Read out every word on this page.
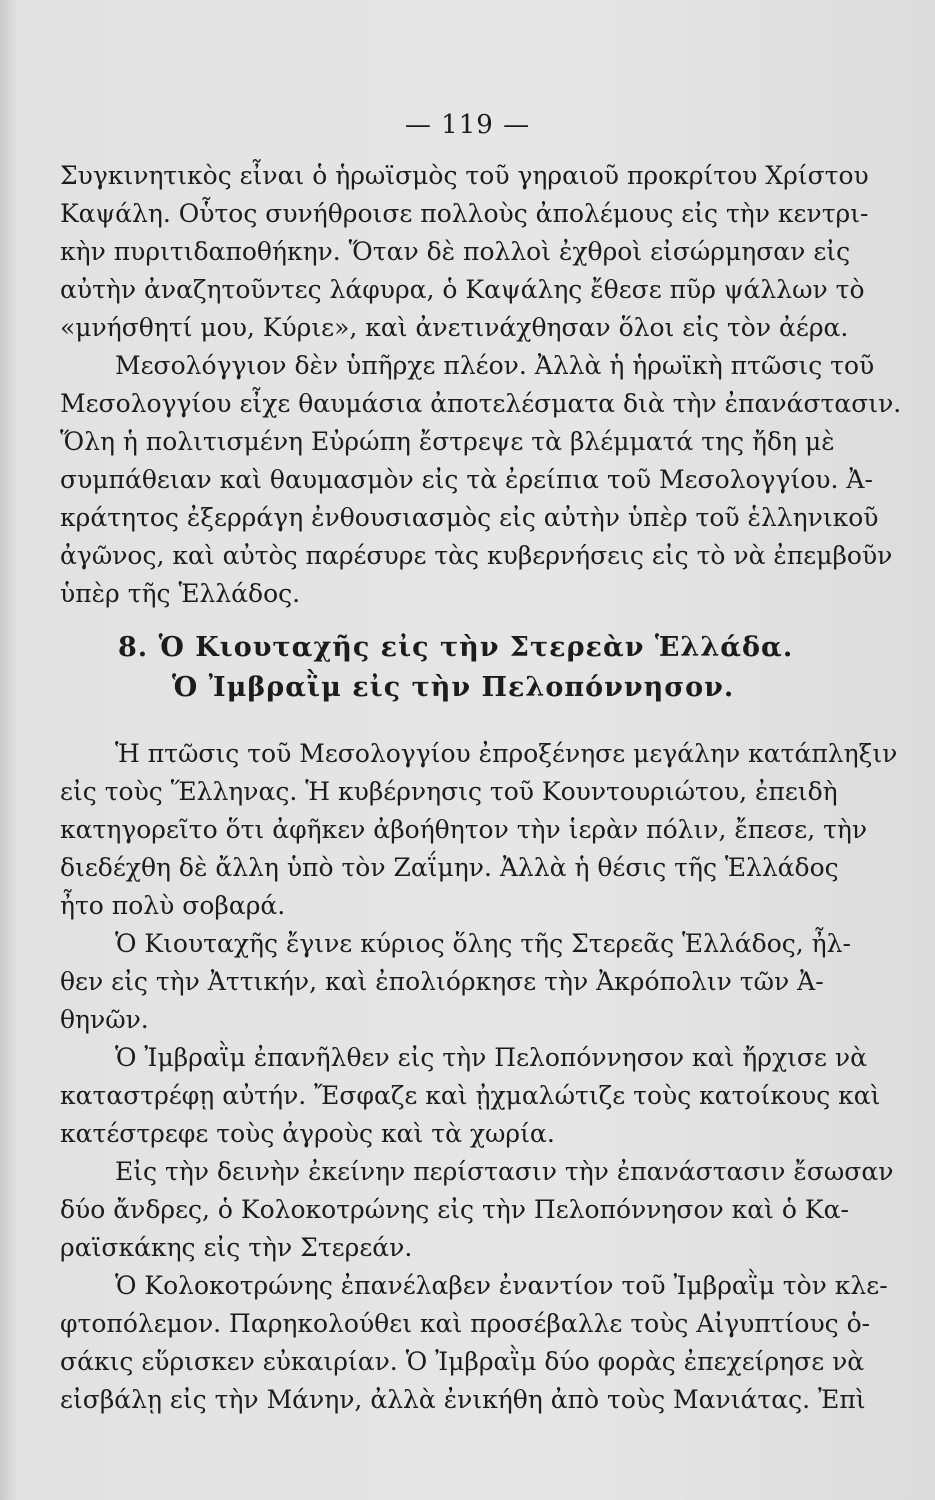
— 119 —
Συγκινητικὸς εἶναι ὁ ἡρωϊσμὸς τοῦ γηραιοῦ προκρίτου Χρίστου
Καψάλη. Οὗτος συνήθροισε πολλοὺς ἀπολέμους εἰς τὴν κεντρι-
κὴν πυριτιδαποθήκην. Ὅταν δὲ πολλοὶ ἐχθροὶ εἰσώρμησαν εἰς
αὐτὴν ἀναζητοῦντες λάφυρα, ὁ Καψάλης ἔθεσε πῦρ ψάλλων τὸ
«μνήσθητί μου, Κύριε», καὶ ἀνετινάχθησαν ὅλοι εἰς τὸν ἀέρα.
Μεσολόγγιον δὲν ὑπῆρχε πλέον. Ἀλλὰ ἡ ἡρωϊκὴ πτῶσις τοῦ
Μεσολογγίου εἶχε θαυμάσια ἀποτελέσματα διὰ τὴν ἐπανάστασιν.
Ὅλη ἡ πολιτισμένη Εὐρώπη ἔστρεψε τὰ βλέμματά της ἤδη μὲ
συμπάθειαν καὶ θαυμασμὸν εἰς τὰ ἐρείπια τοῦ Μεσολογγίου. Ἀ-
κράτητος ἐξερράγη ἐνθουσιασμὸς εἰς αὐτὴν ὑπὲρ τοῦ ἑλληνικοῦ
ἀγῶνος, καὶ αὐτὸς παρέσυρε τὰς κυβερνήσεις εἰς τὸ νὰ ἐπεμβοῦν
ὑπὲρ τῆς Ἑλλάδος.
8. Ὁ Κιουταχῆς εἰς τὴν Στερεὰν Ἑλλάδα.
Ὁ Ἰμβραῒμ εἰς τὴν Πελοπόννησον.
Ἡ πτῶσις τοῦ Μεσολογγίου ἐπροξένησε μεγάλην κατάπληξιν
εἰς τοὺς Ἕλληνας. Ἡ κυβέρνησις τοῦ Κουντουριώτου, ἐπειδὴ
κατηγορεῖτο ὅτι ἀφῆκεν ἀβοήθητον τὴν ἱερὰν πόλιν, ἔπεσε, τὴν
διεδέχθη δὲ ἄλλη ὑπὸ τὸν Ζαΐμην. Ἀλλὰ ἡ θέσις τῆς Ἑλλάδος
ἦτο πολὺ σοβαρά.
Ὁ Κιουταχῆς ἔγινε κύριος ὅλης τῆς Στερεᾶς Ἑλλάδος, ἦλ-
θεν εἰς τὴν Ἀττικήν, καὶ ἐπολιόρκησε τὴν Ἀκρόπολιν τῶν Ἀ-
θηνῶν.
Ὁ Ἰμβραῒμ ἐπανῆλθεν εἰς τὴν Πελοπόννησον καὶ ἤρχισε νὰ
καταστρέφῃ αὐτήν. Ἔσφαζε καὶ ᾐχμαλώτιζε τοὺς κατοίκους καὶ
κατέστρεφε τοὺς ἀγροὺς καὶ τὰ χωρία.
Εἰς τὴν δεινὴν ἐκείνην περίστασιν τὴν ἐπανάστασιν ἔσωσαν
δύο ἄνδρες, ὁ Κολοκοτρώνης εἰς τὴν Πελοπόννησον καὶ ὁ Κα-
ραϊσκάκης εἰς τὴν Στερεάν.
Ὁ Κολοκοτρώνης ἐπανέλαβεν ἐναντίον τοῦ Ἰμβραῒμ τὸν κλε-
φτοπόλεμον. Παρηκολούθει καὶ προσέβαλλε τοὺς Αἰγυπτίους ὁ-
σάκις εὕρισκεν εὐκαιρίαν. Ὁ Ἰμβραῒμ δύο φορὰς ἐπεχείρησε νὰ
εἰσβάλῃ εἰς τὴν Μάνην, ἀλλὰ ἐνικήθη ἀπὸ τοὺς Μανιάτας. Ἐπὶ
